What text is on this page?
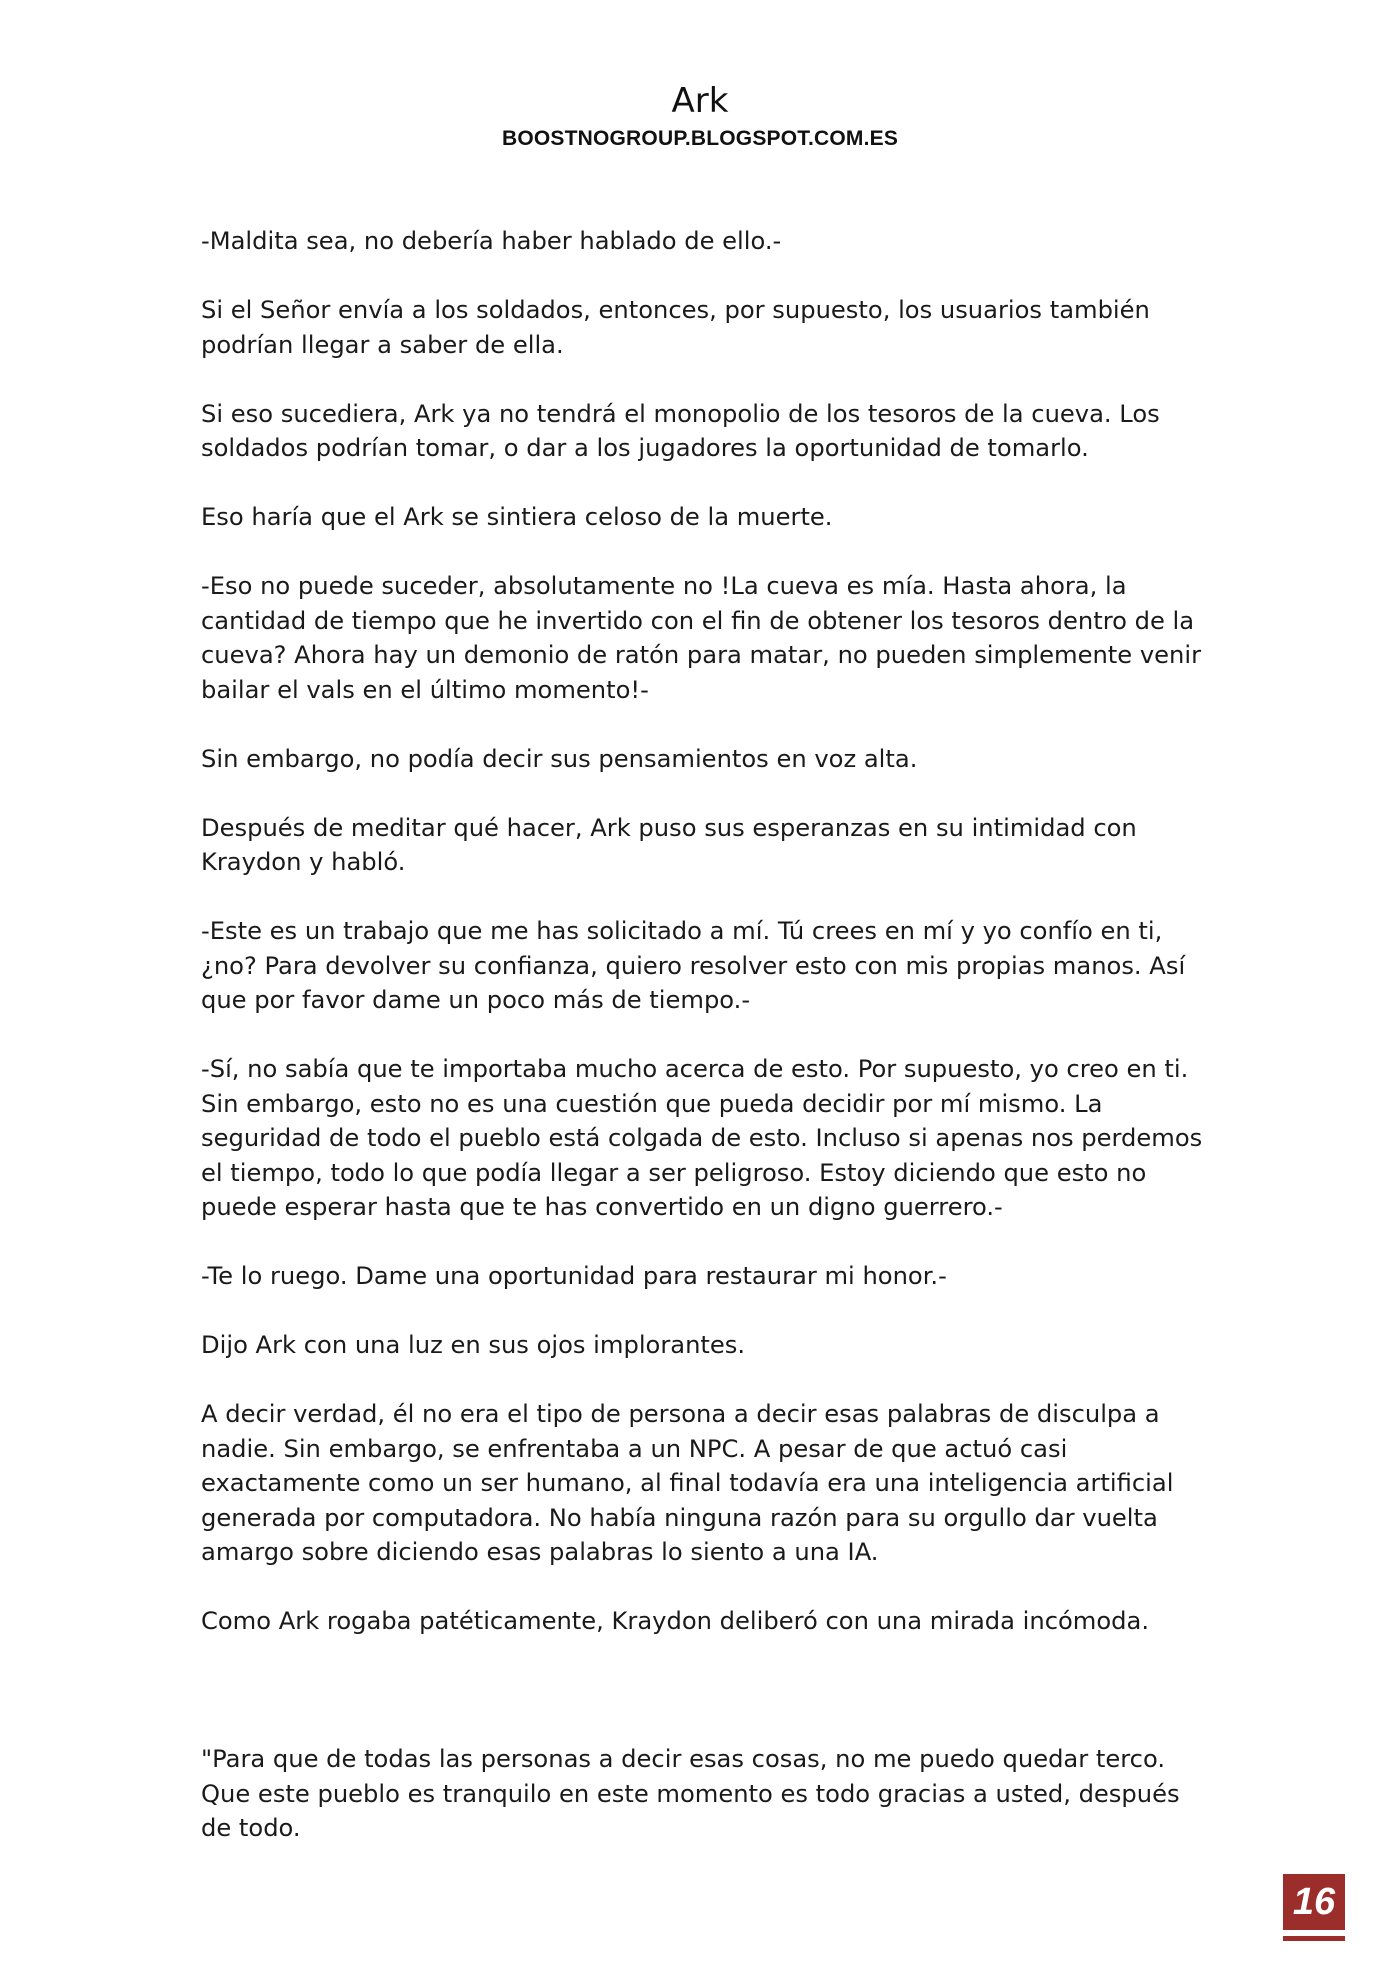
Ark
BOOSTNOGROUP.BLOGSPOT.COM.ES

-Maldita sea, no debería haber hablado de ello.-

Si el Señor envía a los soldados, entonces, por supuesto, los usuarios también podrían llegar a saber de ella.

Si eso sucediera, Ark ya no tendrá el monopolio de los tesoros de la cueva. Los soldados podrían tomar, o dar a los jugadores la oportunidad de tomarlo.

Eso haría que el Ark se sintiera celoso de la muerte.

-Eso no puede suceder, absolutamente no !La cueva es mía. Hasta ahora, la cantidad de tiempo que he invertido con el fin de obtener los tesoros dentro de la cueva? Ahora hay un demonio de ratón para matar, no pueden simplemente venir bailar el vals en el último momento!-

Sin embargo, no podía decir sus pensamientos en voz alta.

Después de meditar qué hacer, Ark puso sus esperanzas en su intimidad con Kraydon y habló.

-Este es un trabajo que me has solicitado a mí. Tú crees en mí y yo confío en ti, ¿no? Para devolver su confianza, quiero resolver esto con mis propias manos. Así que por favor dame un poco más de tiempo.-

-Sí, no sabía que te importaba mucho acerca de esto. Por supuesto, yo creo en ti. Sin embargo, esto no es una cuestión que pueda decidir por mí mismo. La seguridad de todo el pueblo está colgada de esto. Incluso si apenas nos perdemos el tiempo, todo lo que podía llegar a ser peligroso. Estoy diciendo que esto no puede esperar hasta que te has convertido en un digno guerrero.-

-Te lo ruego. Dame una oportunidad para restaurar mi honor.-

Dijo Ark con una luz en sus ojos implorantes.

A decir verdad, él no era el tipo de persona a decir esas palabras de disculpa a nadie. Sin embargo, se enfrentaba a un NPC. A pesar de que actuó casi exactamente como un ser humano, al final todavía era una inteligencia artificial generada por computadora. No había ninguna razón para su orgullo dar vuelta amargo sobre diciendo esas palabras lo siento a una IA.

Como Ark rogaba patéticamente, Kraydon deliberó con una mirada incómoda.

"Para que de todas las personas a decir esas cosas, no me puedo quedar terco. Que este pueblo es tranquilo en este momento es todo gracias a usted, después de todo.

16
